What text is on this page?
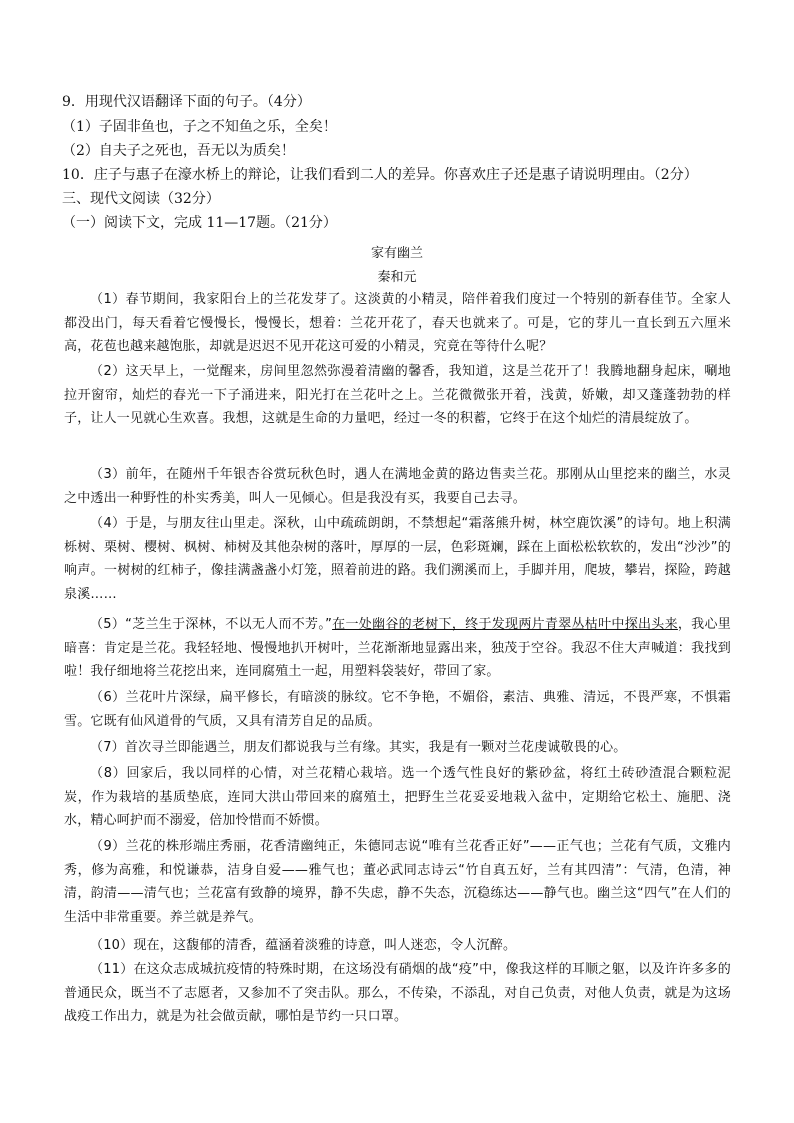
9．用现代汉语翻译下面的句子。（4分）
（1）子固非鱼也，子之不知鱼之乐，全矣！
（2）自夫子之死也，吾无以为质矣！
10．庄子与惠子在濠水桥上的辩论，让我们看到二人的差异。你喜欢庄子还是惠子请说明理由。（2分）
三、现代文阅读（32分）
（一）阅读下文，完成 11—17题。（21分）
家有幽兰
秦和元
（1）春节期间，我家阳台上的兰花发芽了。这淡黄的小精灵，陪伴着我们度过一个特别的新春佳节。全家人都没出门，每天看着它慢慢长，慢慢长，想着：兰花开花了，春天也就来了。可是，它的芽儿一直长到五六厘米高，花苞也越来越饱胀，却就是迟迟不见开花这可爱的小精灵，究竟在等待什么呢？
（2）这天早上，一觉醒来，房间里忽然弥漫着清幽的馨香，我知道，这是兰花开了！我腾地翻身起床，唰地拉开窗帘，灿烂的春光一下子涌进来，阳光打在兰花叶之上。兰花微微张开着，浅黄，娇嫩，却又蓬蓬勃勃的样子，让人一见就心生欢喜。我想，这就是生命的力量吧，经过一冬的积蓄，它终于在这个灿烂的清晨绽放了。
（3）前年，在随州千年银杏谷赏玩秋色时，遇人在满地金黄的路边售卖兰花。那刚从山里挖来的幽兰，水灵之中透出一种野性的朴实秀美，叫人一见倾心。但是我没有买，我要自己去寻。
（4）于是，与朋友往山里走。深秋，山中疏疏朗朗，不禁想起“霜落熊升树，林空鹿饮溪”的诗句。地上积满栎树、栗树、樱树、枫树、柿树及其他杂树的落叶，厚厚的一层，色彩斑斓，踩在上面松松软软的，发出“沙沙”的响声。一树树的红柿子，像挂满盏盏小灯笼，照着前进的路。我们溯溪而上，手脚并用，爬坡，攀岩，探险，跨越泉溪……
（5）“芝兰生于深林，不以无人而不芳。”在一处幽谷的老树下，终于发现两片青翠丛枯叶中探出头来，我心里暗喜：肯定是兰花。我轻轻地、慢慢地扒开树叶，兰花渐渐地显露出来，独茂于空谷。我忍不住大声喊道：我找到啦！我仔细地将兰花挖出来，连同腐殖土一起，用塑料袋装好，带回了家。
（6）兰花叶片深绿，扁平修长，有暗淡的脉纹。它不争艳，不媚俗，素洁、典雅、清远，不畏严寒，不惧霜雪。它既有仙风道骨的气质，又具有清芳自足的品质。
（7）首次寻兰即能遇兰，朋友们都说我与兰有缘。其实，我是有一颗对兰花虔诚敬畏的心。
（8）回家后，我以同样的心情，对兰花精心栽培。选一个透气性良好的紫砂盆，将红土砖砂渣混合颗粒泥炭，作为栽培的基质垫底，连同大洪山带回来的腐殖土，把野生兰花妥妥地栽入盆中，定期给它松土、施肥、浇水，精心呵护而不溺爱，倍加怜惜而不娇惯。
（9）兰花的株形端庄秀丽，花香清幽纯正，朱德同志说“唯有兰花香正好”——正气也；兰花有气质，文雅内秀，修为高雅，和悦谦恭，洁身自爱——雅气也；董必武同志诗云“竹自真五好，兰有其四清”：气清，色清，神清，韵清——清气也；兰花富有致静的境界，静不失虑，静不失态，沉稳练达——静气也。幽兰这“四气”在人们的生活中非常重要。养兰就是养气。
（10）现在，这馥郁的清香，蕴涵着淡雅的诗意，叫人迷恋，令人沉醉。
（11）在这众志成城抗疫情的特殊时期，在这场没有硝烟的战“疫”中，像我这样的耳顺之躯，以及许许多多的普通民众，既当不了志愿者，又参加不了突击队。那么，不传染，不添乱，对自己负责，对他人负责，就是为这场战疫工作出力，就是为社会做贡献，哪怕是节约一只口罩。
